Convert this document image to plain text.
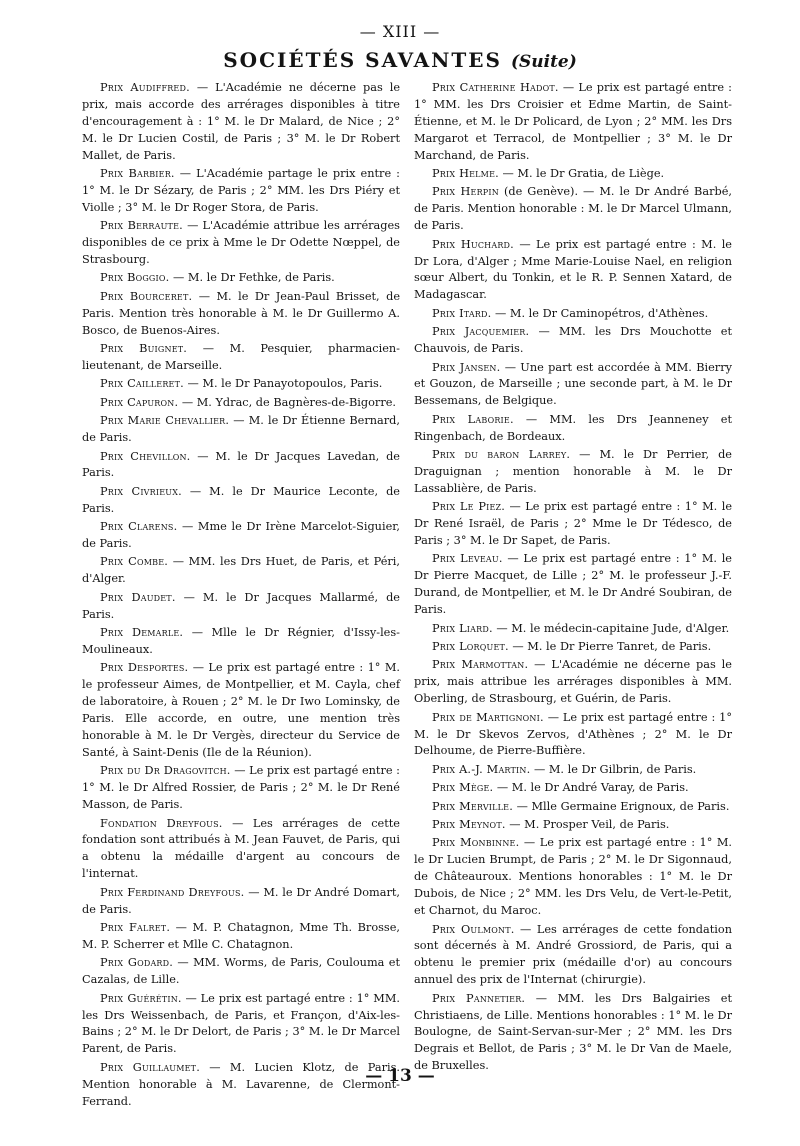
— XIII —
SOCIÉTÉS SAVANTES (Suite)

Prix Audiffred. — L'Académie ne décerne pas le prix, mais accorde des arrérages disponibles à titre d'encouragement à : 1° M. le Dr Malard, de Nice ; 2° M. le Dr Lucien Costil, de Paris ; 3° M. le Dr Robert Mallet, de Paris.

Prix Barbier. — L'Académie partage le prix entre : 1° M. le Dr Sézary, de Paris ; 2° MM. les Drs Piéry et Violle ; 3° M. le Dr Roger Stora, de Paris.

Prix Berraute. — L'Académie attribue les arrérages disponibles de ce prix à Mme le Dr Odette Nœppel, de Strasbourg.

Prix Boggio. — M. le Dr Fethke, de Paris.

Prix Bourceret. — M. le Dr Jean-Paul Brisset, de Paris. Mention très honorable à M. le Dr Guillermo A. Bosco, de Buenos-Aires.

Prix Buignet. — M. Pesquier, pharmacien-lieutenant, de Marseille.

Prix Cailleret. — M. le Dr Panayotopoulos, Paris.

Prix Capuron. — M. Ydrac, de Bagnères-de-Bigorre.

Prix Marie Chevallier. — M. le Dr Étienne Bernard, de Paris.

Prix Chevillon. — M. le Dr Jacques Lavedan, de Paris.

Prix Civrieux. — M. le Dr Maurice Leconte, de Paris.

Prix Clarens. — Mme le Dr Irène Marcelot-Siguier, de Paris.

Prix Combe. — MM. les Drs Huet, de Paris, et Péri, d'Alger.

Prix Daudet. — M. le Dr Jacques Mallarmé, de Paris.

Prix Demarle. — Mlle le Dr Régnier, d'Issy-les-Moulineaux.

Prix Desportes. — Le prix est partagé entre : 1° M. le professeur Aimes, de Montpellier, et M. Cayla, chef de laboratoire, à Rouen ; 2° M. le Dr Iwo Lominsky, de Paris. Elle accorde, en outre, une mention très honorable à M. le Dr Vergès, directeur du Service de Santé, à Saint-Denis (Ile de la Réunion).

Prix du Dr Dragovitch. — Le prix est partagé entre : 1° M. le Dr Alfred Rossier, de Paris ; 2° M. le Dr René Masson, de Paris.

Fondation Dreyfous. — Les arrérages de cette fondation sont attribués à M. Jean Fauvet, de Paris, qui a obtenu la médaille d'argent au concours de l'internat.

Prix Ferdinand Dreyfous. — M. le Dr André Domart, de Paris.

Prix Falret. — M. P. Chatagnon, Mme Th. Brosse, M. P. Scherrer et Mlle C. Chatagnon.

Prix Godard. — MM. Worms, de Paris, Coulouma et Cazalas, de Lille.

Prix Guérétin. — Le prix est partagé entre : 1° MM. les Drs Weissenbach, de Paris, et Françon, d'Aix-les-Bains ; 2° M. le Dr Delort, de Paris ; 3° M. le Dr Marcel Parent, de Paris.

Prix Guillaumet. — M. Lucien Klotz, de Paris. Mention honorable à M. Lavarenne, de Clermont-Ferrand.

Prix Catherine Hadot. — Le prix est partagé entre : 1° MM. les Drs Croisier et Edme Martin, de Saint-Étienne, et M. le Dr Policard, de Lyon ; 2° MM. les Drs Margarot et Terracol, de Montpellier ; 3° M. le Dr Marchand, de Paris.

Prix Helme. — M. le Dr Gratia, de Liège.

Prix Herpin (de Genève). — M. le Dr André Barbé, de Paris. Mention honorable : M. le Dr Marcel Ulmann, de Paris.

Prix Huchard. — Le prix est partagé entre : M. le Dr Lora, d'Alger ; Mme Marie-Louise Nael, en religion sœur Albert, du Tonkin, et le R. P. Sennen Xatard, de Madagascar.

Prix Itard. — M. le Dr Caminopétros, d'Athènes.

Prix Jacquemier. — MM. les Drs Mouchotte et Chauvois, de Paris.

Prix Jansen. — Une part est accordée à MM. Bierry et Gouzon, de Marseille ; une seconde part, à M. le Dr Bessemans, de Belgique.

Prix Laborie. — MM. les Drs Jeanneney et Ringenbach, de Bordeaux.

Prix du baron Larrey. — M. le Dr Perrier, de Draguignan ; mention honorable à M. le Dr Lassablière, de Paris.

Prix Le Piez. — Le prix est partagé entre : 1° M. le Dr René Israël, de Paris ; 2° Mme le Dr Tédesco, de Paris ; 3° M. le Dr Sapet, de Paris.

Prix Leveau. — Le prix est partagé entre : 1° M. le Dr Pierre Macquet, de Lille ; 2° M. le professeur J.-F. Durand, de Montpellier, et M. le Dr André Soubiran, de Paris.

Prix Liard. — M. le médecin-capitaine Jude, d'Alger.

Prix Lorquet. — M. le Dr Pierre Tanret, de Paris.

Prix Marmottan. — L'Académie ne décerne pas le prix, mais attribue les arrérages disponibles à MM. Oberling, de Strasbourg, et Guérin, de Paris.

Prix de Martignoni. — Le prix est partagé entre : 1° M. le Dr Skevos Zervos, d'Athènes ; 2° M. le Dr Delhoume, de Pierre-Buffière.

Prix A.-J. Martin. — M. le Dr Gilbrin, de Paris.

Prix Mège. — M. le Dr André Varay, de Paris.

Prix Merville. — Mlle Germaine Erignoux, de Paris.

Prix Meynot. — M. Prosper Veil, de Paris.

Prix Monbinne. — Le prix est partagé entre : 1° M. le Dr Lucien Brumpt, de Paris ; 2° M. le Dr Sigonnaud, de Châteauroux. Mentions honorables : 1° M. le Dr Dubois, de Nice ; 2° MM. les Drs Velu, de Vert-le-Petit, et Charnot, du Maroc.

Prix Oulmont. — Les arrérages de cette fondation sont décernés à M. André Grossiord, de Paris, qui a obtenu le premier prix (médaille d'or) au concours annuel des prix de l'Internat (chirurgie).

Prix Pannetier. — MM. les Drs Balgairies et Christiaens, de Lille. Mentions honorables : 1° M. le Dr Boulogne, de Saint-Servan-sur-Mer ; 2° MM. les Drs Degrais et Bellot, de Paris ; 3° M. le Dr Van de Maele, de Bruxelles.

— 13 —
